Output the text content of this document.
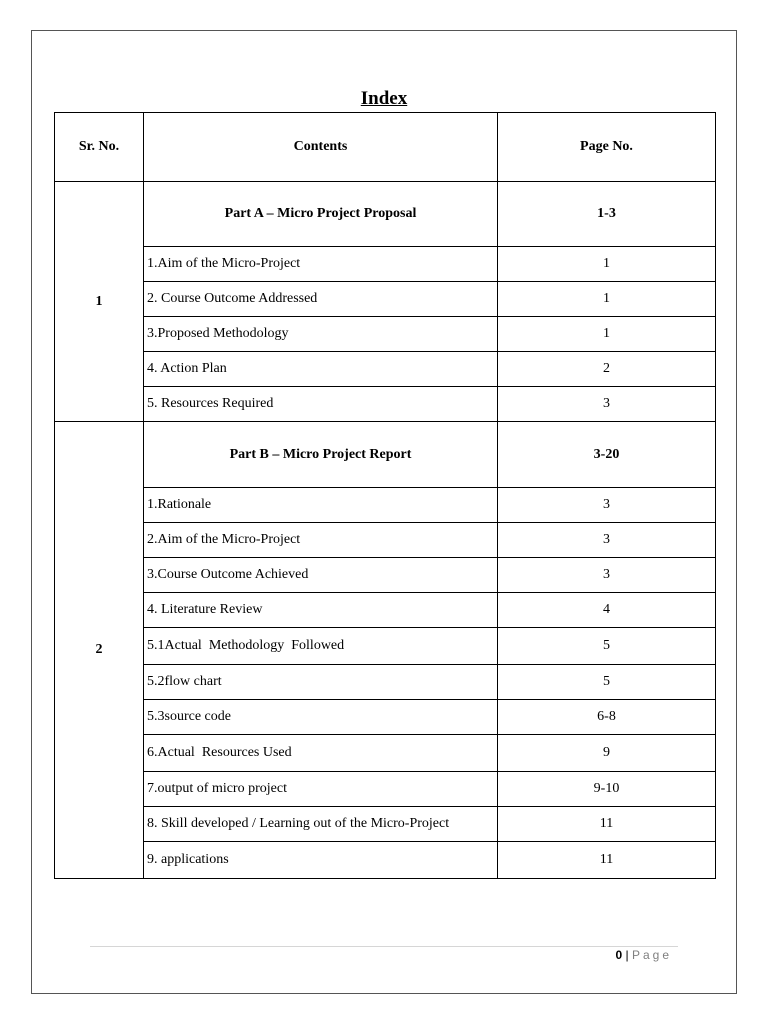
Index
Sr. No.	Contents	Page No.
1	Part A – Micro Project Proposal	1-3
	1.Aim of the Micro-Project	1
	2. Course Outcome Addressed	1
	3.Proposed Methodology	1
	4. Action Plan	2
	5. Resources Required	3
2	Part B – Micro Project Report	3-20
	1.Rationale	3
	2.Aim of the Micro-Project	3
	3.Course Outcome Achieved	3
	4. Literature Review	4
	5.1Actual  Methodology  Followed	5
	5.2flow chart	5
	5.3source code	6-8
	6.Actual  Resources Used	9
	7.output of micro project	9-10
	8. Skill developed / Learning out of the Micro-Project	11
	9. applications	11
0 | Page
